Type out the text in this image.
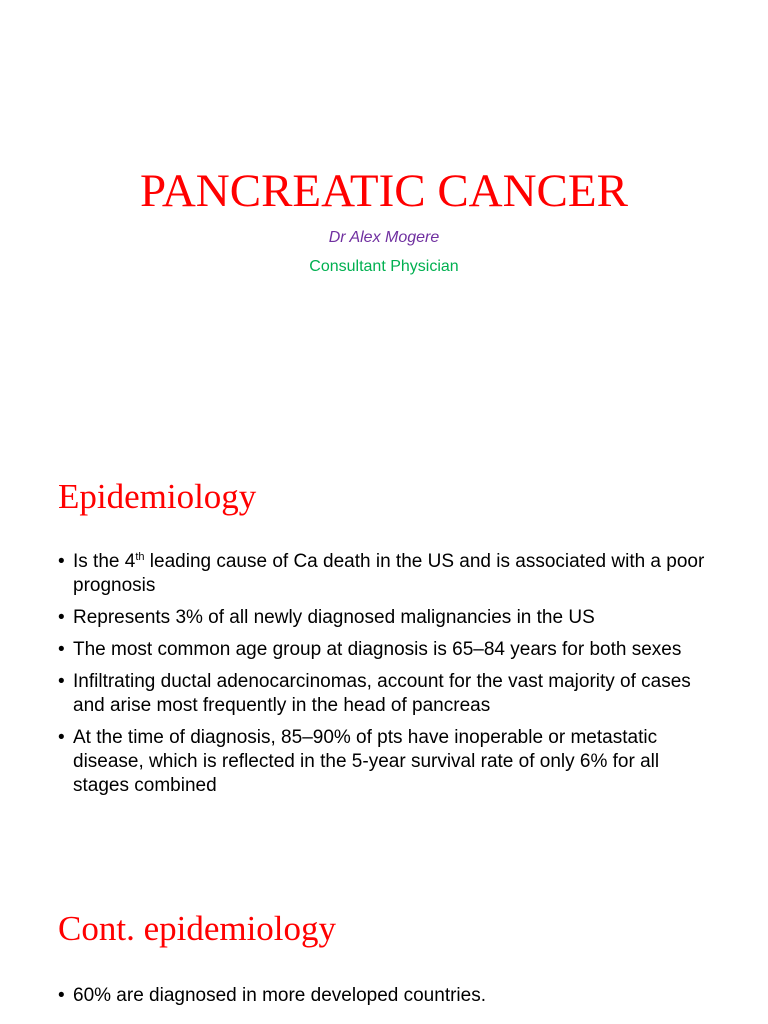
PANCREATIC CANCER
Dr Alex Mogere
Consultant Physician
Epidemiology
• Is the 4th leading cause of Ca death in the US and is associated with a poor prognosis
• Represents 3% of all newly diagnosed malignancies in the US
• The most common age group at diagnosis is 65–84 years for both sexes
• Infiltrating ductal adenocarcinomas, account for the vast majority of cases and arise most frequently in the head of pancreas
• At the time of diagnosis, 85–90% of pts have inoperable or metastatic disease, which is reflected in the 5-year survival rate of only 6% for all stages combined
Cont. epidemiology
• 60% are diagnosed in more developed countries.
